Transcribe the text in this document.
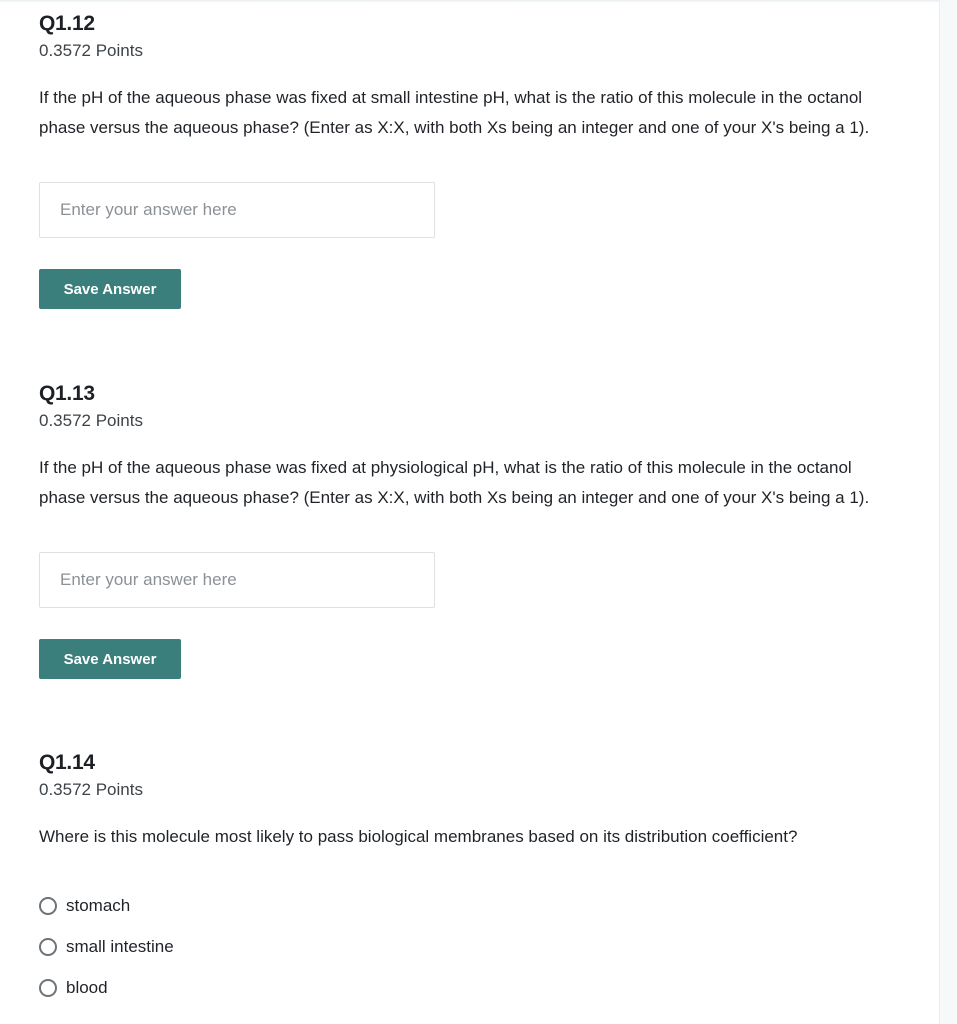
Q1.12
0.3572 Points
If the pH of the aqueous phase was fixed at small intestine pH, what is the ratio of this molecule in the octanol phase versus the aqueous phase? (Enter as X:X, with both Xs being an integer and one of your X's being a 1).
Enter your answer here
Save Answer
Q1.13
0.3572 Points
If the pH of the aqueous phase was fixed at physiological pH, what is the ratio of this molecule in the octanol phase versus the aqueous phase? (Enter as X:X, with both Xs being an integer and one of your X's being a 1).
Enter your answer here
Save Answer
Q1.14
0.3572 Points
Where is this molecule most likely to pass biological membranes based on its distribution coefficient?
stomach
small intestine
blood
